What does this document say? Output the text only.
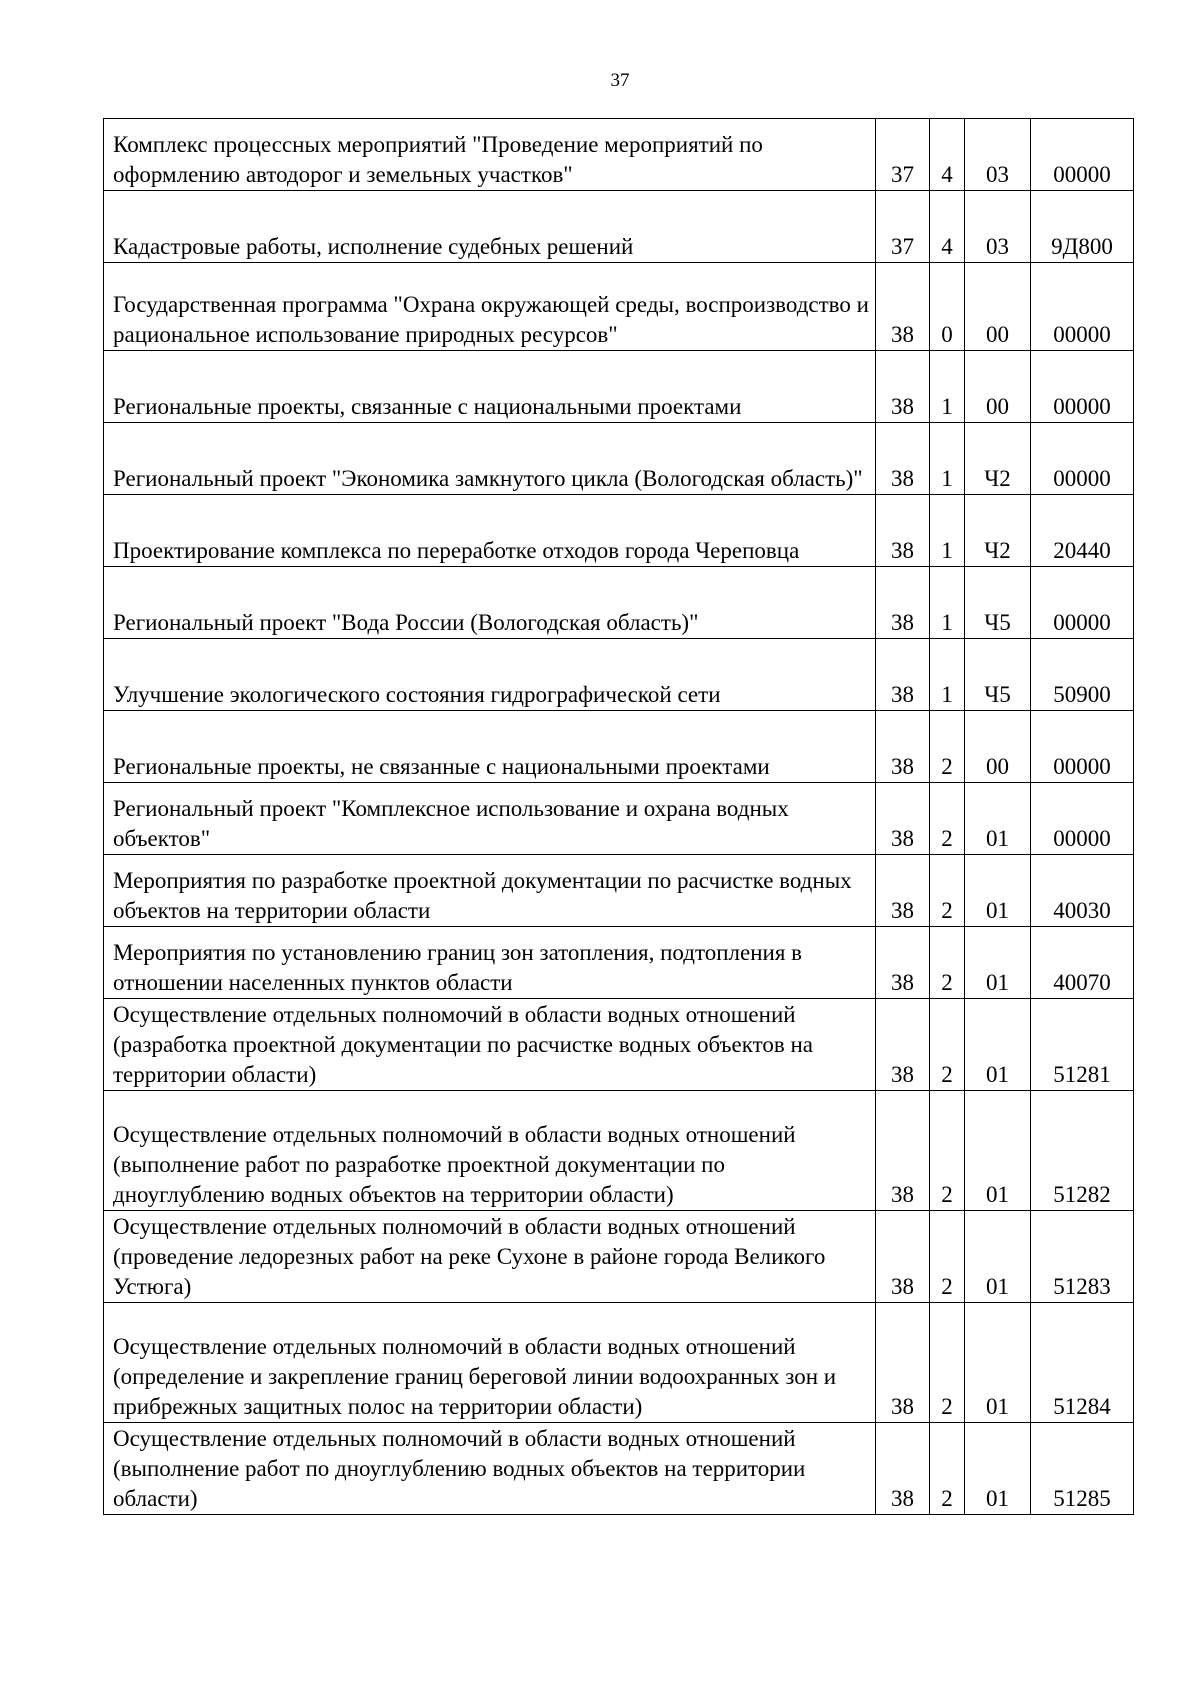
37
Комплекс процессных мероприятий "Проведение мероприятий по оформлению автодорог и земельных участков"	37	4	03	00000
Кадастровые работы, исполнение судебных решений	37	4	03	9Д800
Государственная программа "Охрана окружающей среды, воспроизводство и рациональное использование природных ресурсов"	38	0	00	00000
Региональные проекты, связанные с национальными проектами	38	1	00	00000
Региональный проект "Экономика замкнутого цикла (Вологодская область)"	38	1	Ч2	00000
Проектирование комплекса по переработке отходов города Череповца	38	1	Ч2	20440
Региональный проект "Вода России (Вологодская область)"	38	1	Ч5	00000
Улучшение экологического состояния гидрографической сети	38	1	Ч5	50900
Региональные проекты, не связанные с национальными проектами	38	2	00	00000
Региональный проект "Комплексное использование и охрана водных объектов"	38	2	01	00000
Мероприятия по разработке проектной документации по расчистке водных объектов на территории области	38	2	01	40030
Мероприятия по установлению границ зон затопления, подтопления в отношении населенных пунктов области	38	2	01	40070
Осуществление отдельных полномочий в области водных отношений (разработка проектной документации по расчистке водных объектов на территории области)	38	2	01	51281
Осуществление отдельных полномочий в области водных отношений (выполнение работ по разработке проектной документации по дноуглублению водных объектов на территории области)	38	2	01	51282
Осуществление отдельных полномочий в области водных отношений (проведение ледорезных работ на реке Сухоне в районе города Великого Устюга)	38	2	01	51283
Осуществление отдельных полномочий в области водных отношений (определение и закрепление границ береговой линии водоохранных зон и прибрежных защитных полос на территории области)	38	2	01	51284
Осуществление отдельных полномочий в области водных отношений (выполнение работ по дноуглублению водных объектов на территории области)	38	2	01	51285
